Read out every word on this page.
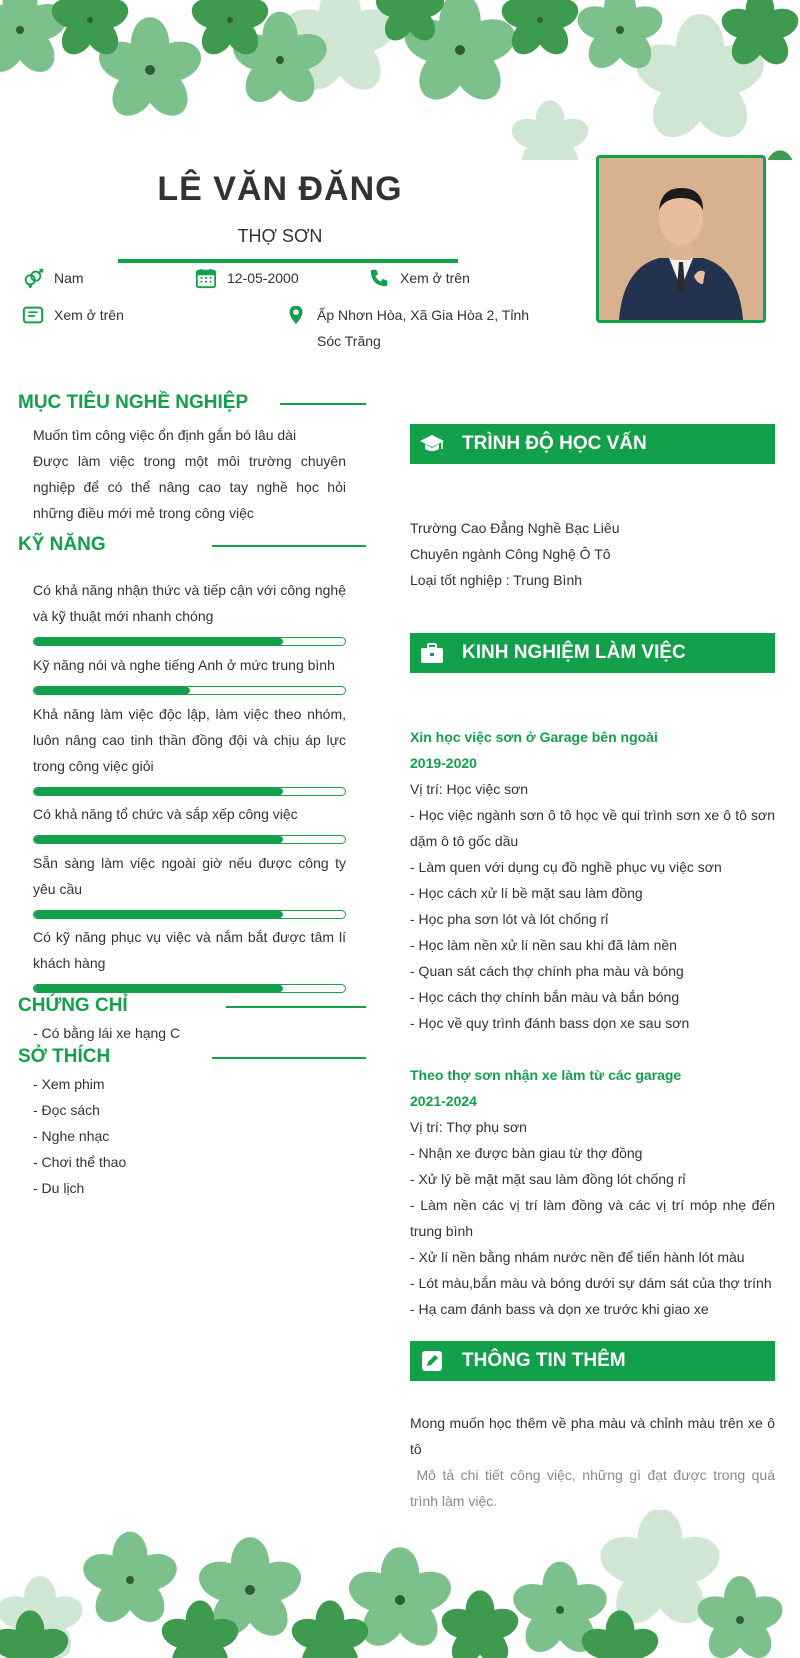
LÊ VĂN ĐĂNG
THỢ SƠN
Nam	12-05-2000	Xem ở trên
Xem ở trên	Ấp Nhơn Hòa, Xã Gia Hòa 2, Tỉnh
Sóc Trăng
MỤC TIÊU NGHỀ NGHIỆP
Muốn tìm công việc ổn định gắn bó lâu dài
Được làm việc trong một môi trường chuyên nghiệp để có thể nâng cao tay nghề học hỏi những điều mới mẻ trong công việc
KỸ NĂNG
Có khả năng nhận thức và tiếp cận với công nghệ và kỹ thuật mới nhanh chóng
Kỹ năng nói và nghe tiếng Anh ở mức trung bình
Khả năng làm việc độc lập, làm việc theo nhóm, luôn nâng cao tinh thần đồng đội và chịu áp lực trong công việc giỏi
Có khả năng tổ chức và sắp xếp công việc
Sẵn sàng làm việc ngoài giờ nếu được công ty yêu cầu
Có kỹ năng phục vụ việc và nắm bắt được tâm lí khách hàng
CHỨNG CHỈ
- Có bằng lái xe hạng C
SỞ THÍCH
- Xem phim
- Đọc sách
- Nghe nhạc
- Chơi thể thao
- Du lịch
TRÌNH ĐỘ HỌC VẤN
Trường Cao Đẳng Nghề Bạc Liêu
Chuyên ngành Công Nghệ Ô Tô
Loại tốt nghiệp : Trung Bình
KINH NGHIỆM LÀM VIỆC
Xin học việc sơn ở Garage bên ngoài
2019-2020
Vị trí: Học việc sơn
- Học việc ngành sơn ô tô học về qui trình sơn xe ô tô sơn dặm ô tô gốc dầu
- Làm quen với dụng cụ đồ nghề phục vụ việc sơn
- Học cách xử lí bề mặt sau làm đồng
- Học pha sơn lót và lót chống rỉ
- Học làm nền xử lí nền sau khi đã làm nền
- Quan sát cách thợ chính pha màu và bóng
- Học cách thợ chính bắn màu và bắn bóng
- Học về quy trình đánh bass dọn xe sau sơn
Theo thợ sơn nhận xe làm từ các garage
2021-2024
Vị trí: Thợ phụ sơn
- Nhận xe được bàn giau từ thợ đồng
- Xử lý bề mặt mặt sau làm đồng lót chống rỉ
- Làm nền các vị trí làm đồng và các vị trí móp nhẹ đến trung bình
- Xử lí nền bằng nhám nước nền để tiến hành lót màu
- Lót màu,bắn màu và bóng dưới sự dám sát của thợ trính
- Hạ cam đánh bass và dọn xe trước khi giao xe
THÔNG TIN THÊM
Mong muốn học thêm về pha màu và chỉnh màu trên xe ô tô
Mô tả chi tiết công việc, những gì đạt được trong quá trình làm việc.
